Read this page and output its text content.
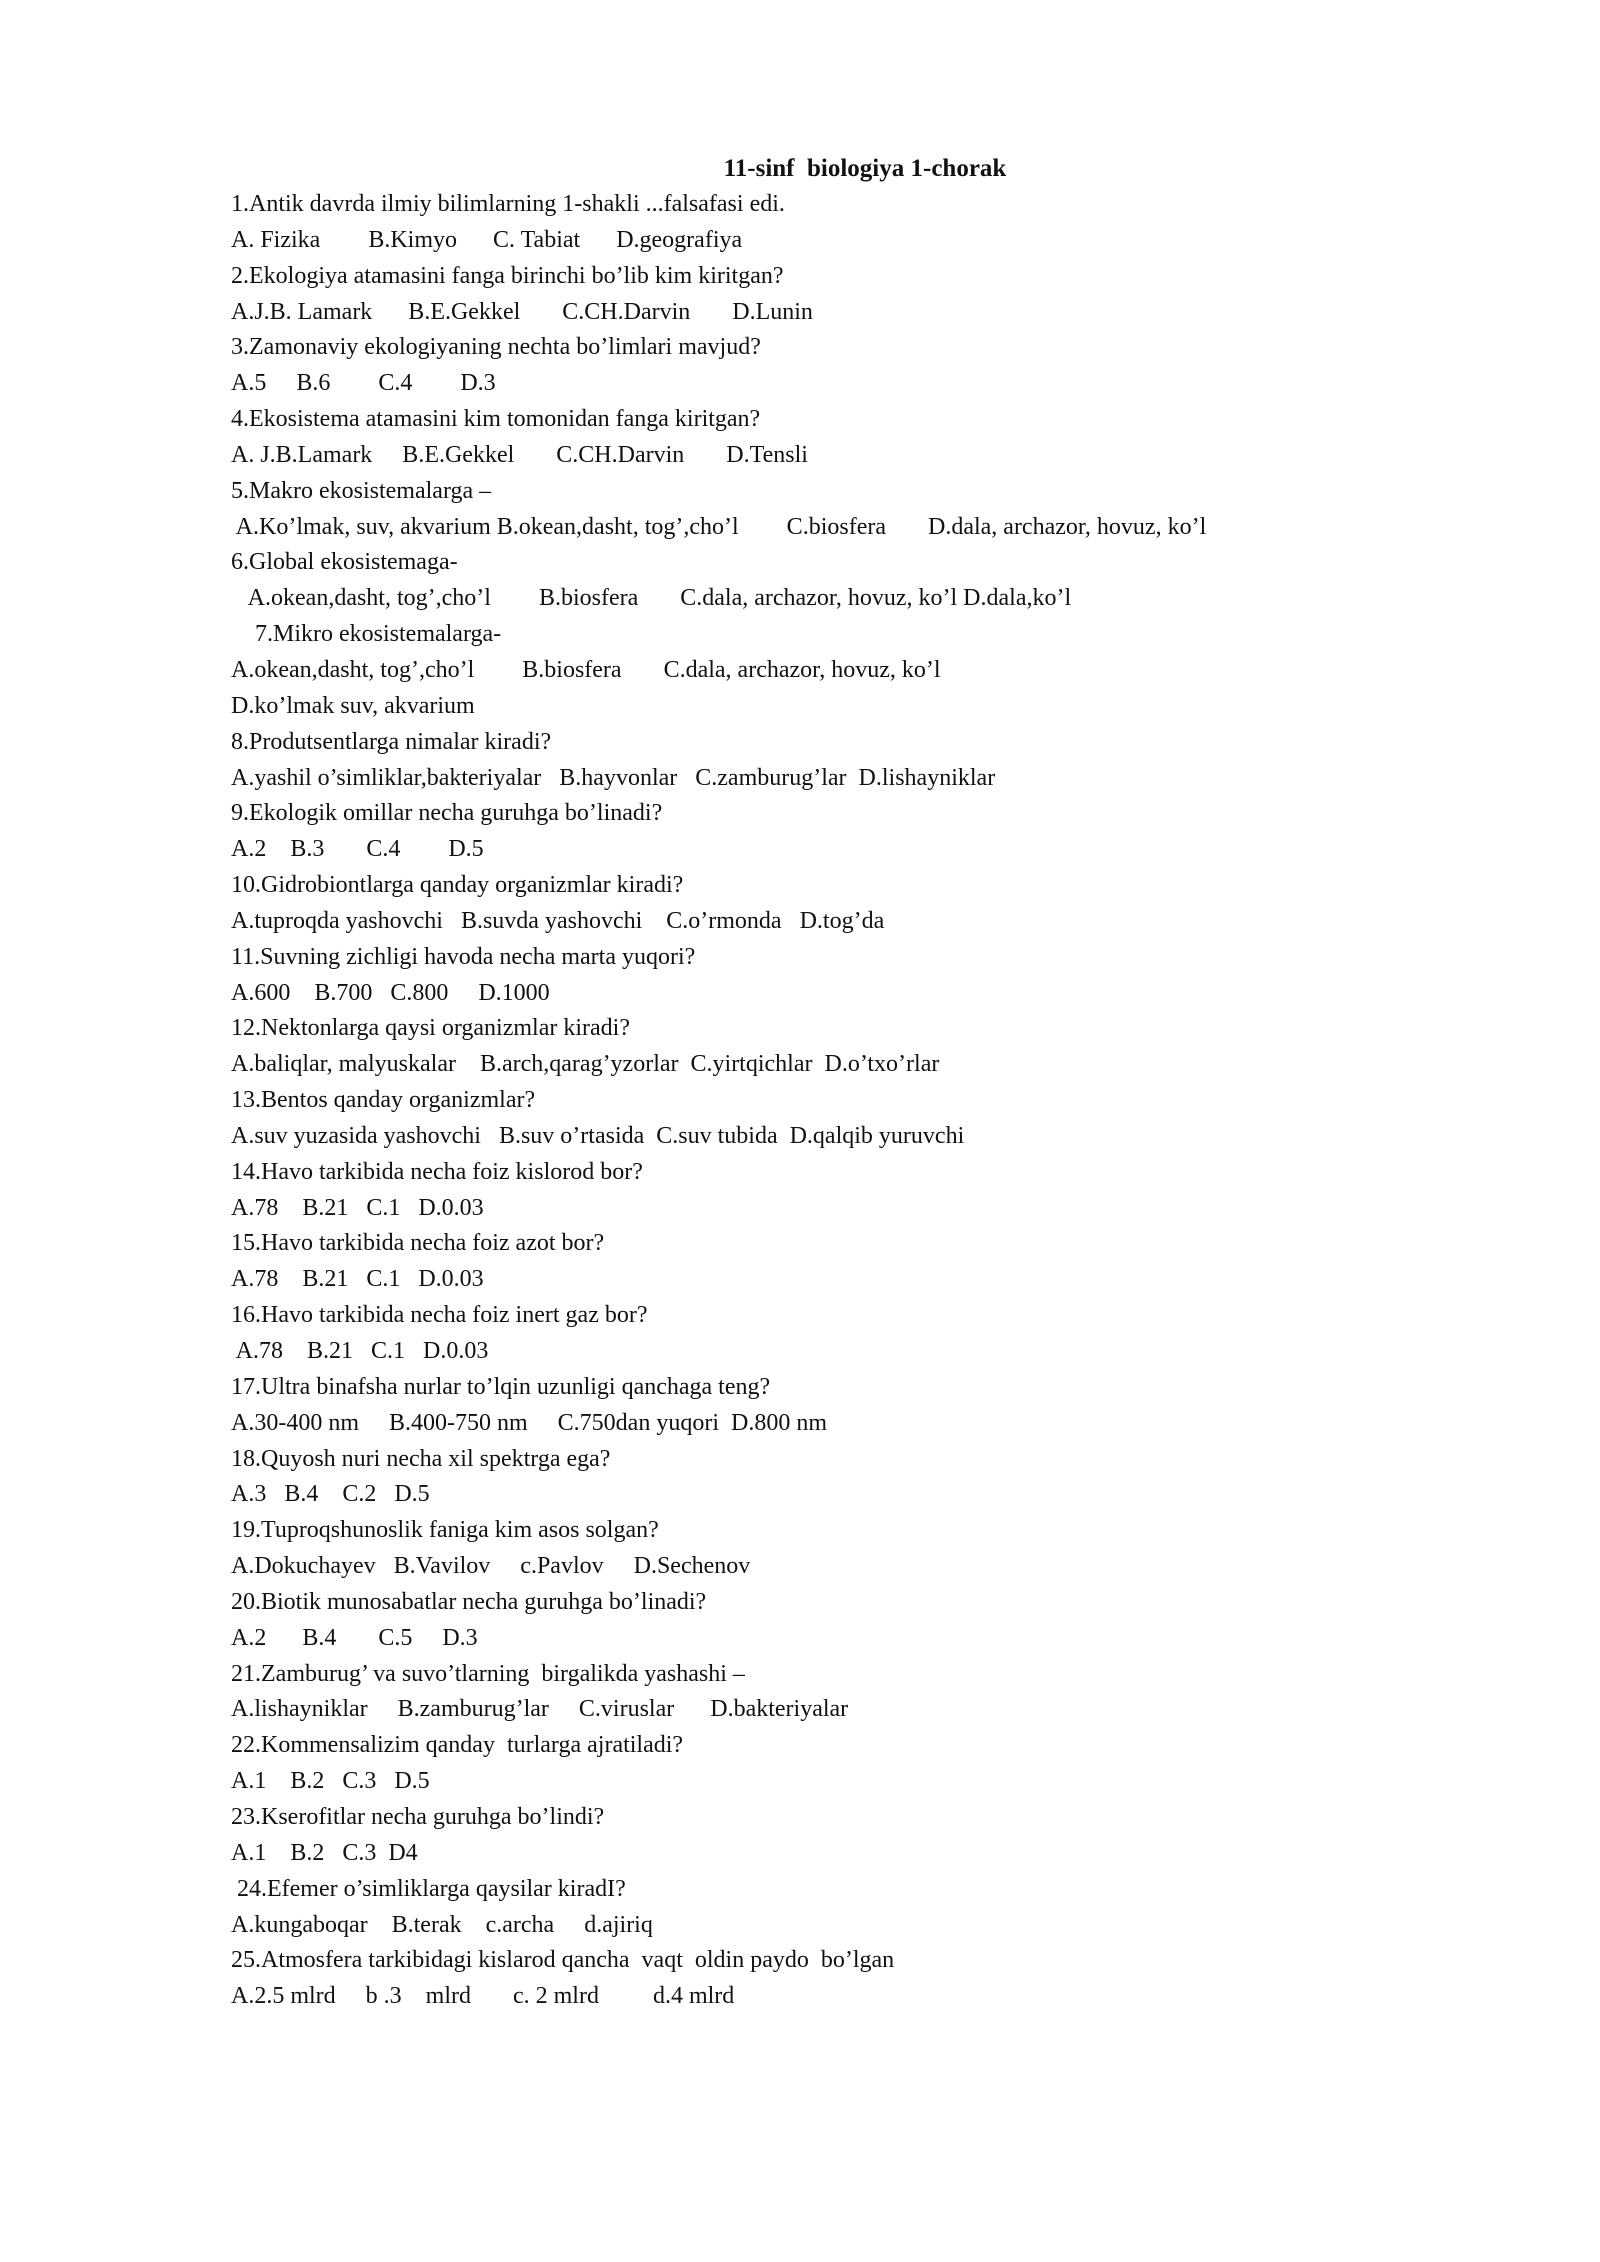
11-sinf  biologiya 1-chorak
1.Antik davrda ilmiy bilimlarning 1-shakli ...falsafasi edi.
A. Fizika        B.Kimyo      C. Tabiat      D.geografiya
2.Ekologiya atamasini fanga birinchi bo’lib kim kiritgan?
A.J.B. Lamark      B.E.Gekkel       C.CH.Darvin       D.Lunin
3.Zamonaviy ekologiyaning nechta bo’limlari mavjud?
A.5     B.6        C.4        D.3
4.Ekosistema atamasini kim tomonidan fanga kiritgan?
A. J.B.Lamark     B.E.Gekkel       C.CH.Darvin       D.Tensli
5.Makro ekosistemalarga –
A.Ko’lmak, suv, akvarium B.okean,dasht, tog’,cho’l        C.biosfera       D.dala, archazor, hovuz, ko’l
6.Global ekosistemaga-
A.okean,dasht, tog’,cho’l        B.biosfera       C.dala, archazor, hovuz, ko’l D.dala,ko’l
7.Mikro ekosistemalarga-
A.okean,dasht, tog’,cho’l        B.biosfera       C.dala, archazor, hovuz, ko’l
D.ko’lmak suv, akvarium
8.Produtsentlarga nimalar kiradi?
A.yashil o’simliklar,bakteriyalar   B.hayvonlar   C.zamburug’lar  D.lishayniklar
9.Ekologik omillar necha guruhga bo’linadi?
A.2    B.3       C.4        D.5
10.Gidrobiontlarga qanday organizmlar kiradi?
A.tuproqda yashovchi   B.suvda yashovchi    C.o’rmonda   D.tog’da
11.Suvning zichligi havoda necha marta yuqori?
A.600    B.700   C.800     D.1000
12.Nektonlarga qaysi organizmlar kiradi?
A.baliqlar, malyuskalar    B.arch,qarag’yzorlar  C.yirtqichlar  D.o’txo’rlar
13.Bentos qanday organizmlar?
A.suv yuzasida yashovchi   B.suv o’rtasida  C.suv tubida  D.qalqib yuruvchi
14.Havo tarkibida necha foiz kislorod bor?
A.78    B.21   C.1   D.0.03
15.Havo tarkibida necha foiz azot bor?
A.78    B.21   C.1   D.0.03
16.Havo tarkibida necha foiz inert gaz bor?
A.78    B.21   C.1   D.0.03
17.Ultra binafsha nurlar to’lqin uzunligi qanchaga teng?
A.30-400 nm     B.400-750 nm     C.750dan yuqori  D.800 nm
18.Quyosh nuri necha xil spektrga ega?
A.3   B.4    C.2   D.5
19.Tuproqshunoslik faniga kim asos solgan?
A.Dokuchayev   B.Vavilov     c.Pavlov     D.Sechenov
20.Biotik munosabatlar necha guruhga bo’linadi?
A.2      B.4       C.5     D.3
21.Zamburug’ va suvo’tlarning  birgalikda yashashi –
A.lishayniklar     B.zamburug’lar     C.viruslar      D.bakteriyalar
22.Kommensalizim qanday  turlarga ajratiladi?
A.1    B.2   C.3   D.5
23.Kserofitlar necha guruhga bo’lindi?
A.1    B.2   C.3  D4
24.Efemer o’simliklarga qaysilar kiradI?
A.kungaboqar    B.terak    c.archa     d.ajiriq
25.Atmosfera tarkibidagi kislarod qancha  vaqt  oldin paydo  bo’lgan
A.2.5 mlrd     b .3    mlrd       c. 2 mlrd         d.4 mlrd
